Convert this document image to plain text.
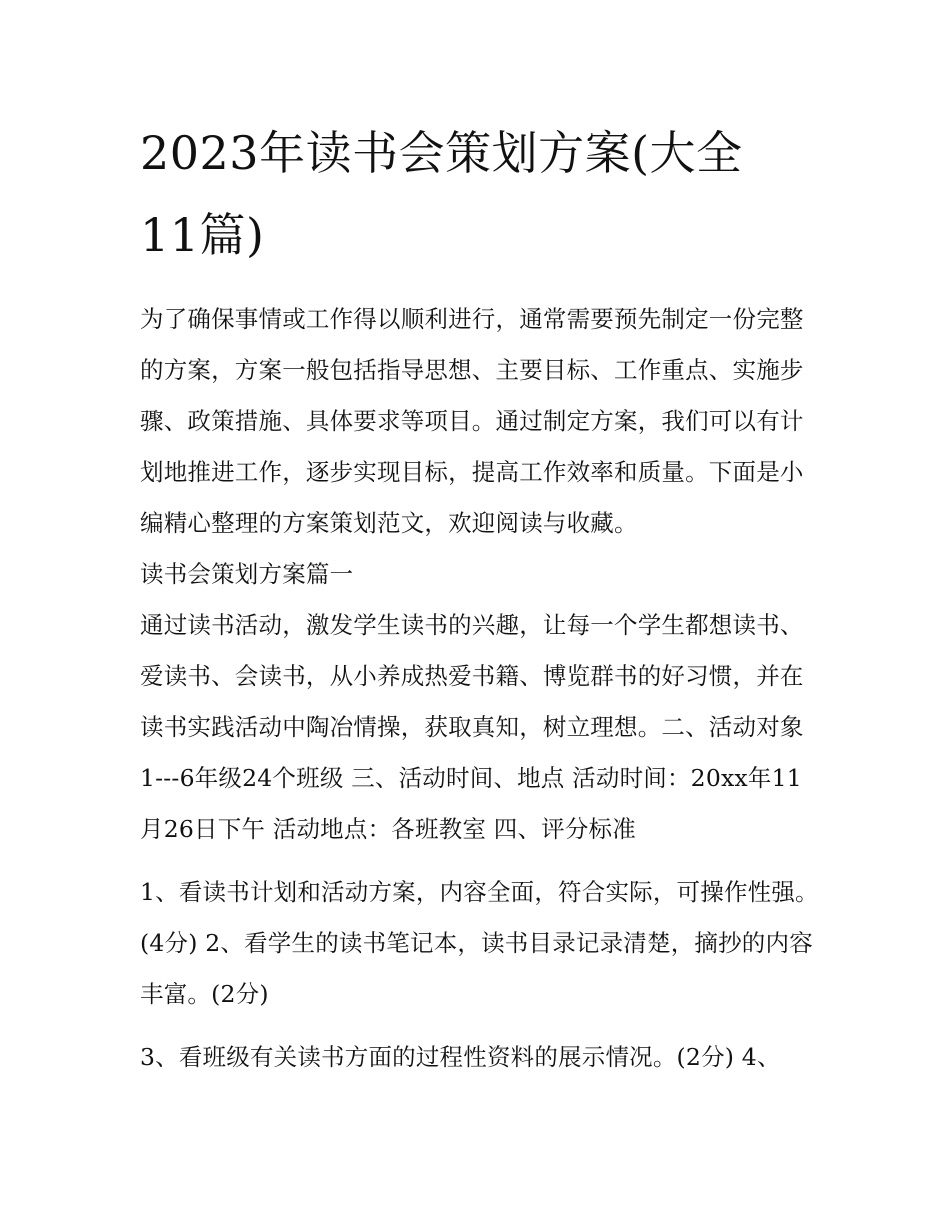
2023年读书会策划方案(大全
11篇)

为了确保事情或工作得以顺利进行，通常需要预先制定一份完整的方案，方案一般包括指导思想、主要目标、工作重点、实施步骤、政策措施、具体要求等项目。通过制定方案，我们可以有计划地推进工作，逐步实现目标，提高工作效率和质量。下面是小编精心整理的方案策划范文，欢迎阅读与收藏。

读书会策划方案篇一

通过读书活动，激发学生读书的兴趣，让每一个学生都想读书、爱读书、会读书，从小养成热爱书籍、博览群书的好习惯，并在读书实践活动中陶冶情操，获取真知，树立理想。二、活动对象1---6年级24个班级 三、活动时间、地点 活动时间：20xx年11月26日下午 活动地点：各班教室 四、评分标准

1、看读书计划和活动方案，内容全面，符合实际，可操作性强。(4分) 2、看学生的读书笔记本，读书目录记录清楚，摘抄的内容丰富。(2分)

3、看班级有关读书方面的过程性资料的展示情况。(2分) 4、
